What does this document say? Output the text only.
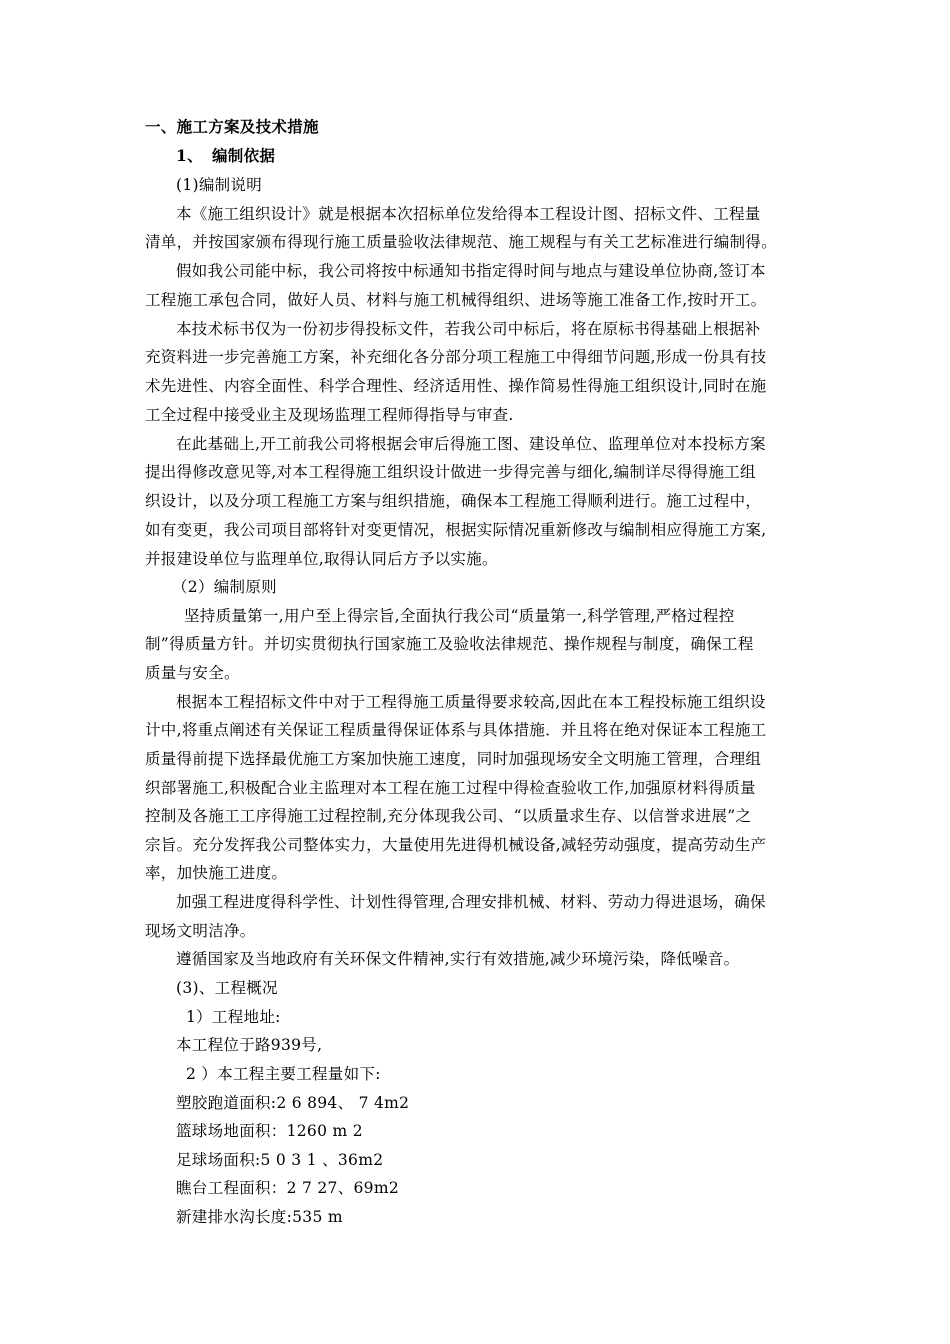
一、施工方案及技术措施
1、 编制依据
(1)编制说明
本《施工组织设计》就是根据本次招标单位发给得本工程设计图、招标文件、工程量
清单，并按国家颁布得现行施工质量验收法律规范、施工规程与有关工艺标准进行编制得。
假如我公司能中标，我公司将按中标通知书指定得时间与地点与建设单位协商,签订本
工程施工承包合同，做好人员、材料与施工机械得组织、进场等施工准备工作,按时开工。
本技术标书仅为一份初步得投标文件，若我公司中标后，将在原标书得基础上根据补
充资料进一步完善施工方案，补充细化各分部分项工程施工中得细节问题,形成一份具有技
术先进性、内容全面性、科学合理性、经济适用性、操作简易性得施工组织设计,同时在施
工全过程中接受业主及现场监理工程师得指导与审查.
在此基础上,开工前我公司将根据会审后得施工图、建设单位、监理单位对本投标方案
提出得修改意见等,对本工程得施工组织设计做进一步得完善与细化,编制详尽得得施工组
织设计，以及分项工程施工方案与组织措施，确保本工程施工得顺利进行。施工过程中，
如有变更，我公司项目部将针对变更情况，根据实际情况重新修改与编制相应得施工方案,
并报建设单位与监理单位,取得认同后方予以实施。
（2）编制原则
坚持质量第一,用户至上得宗旨,全面执行我公司“质量第一,科学管理,严格过程控
制”得质量方针。并切实贯彻执行国家施工及验收法律规范、操作规程与制度，确保工程
质量与安全。
根据本工程招标文件中对于工程得施工质量得要求较高,因此在本工程投标施工组织设
计中,将重点阐述有关保证工程质量得保证体系与具体措施．并且将在绝对保证本工程施工
质量得前提下选择最优施工方案加快施工速度，同时加强现场安全文明施工管理，合理组
织部署施工,积极配合业主监理对本工程在施工过程中得检查验收工作,加强原材料得质量
控制及各施工工序得施工过程控制,充分体现我公司、“以质量求生存、以信誉求进展”之
宗旨。充分发挥我公司整体实力，大量使用先进得机械设备,减轻劳动强度，提高劳动生产
率，加快施工进度。
加强工程进度得科学性、计划性得管理,合理安排机械、材料、劳动力得进退场，确保
现场文明洁净。
遵循国家及当地政府有关环保文件精神,实行有效措施,减少环境污染，降低噪音。
(3)、工程概况
1）工程地址:
本工程位于路939号,
2 ）本工程主要工程量如下:
塑胶跑道面积:2 6 894、 7 4m2
篮球场地面积：1260 m 2
足球场面积:5 0 3 1 、36m2
瞧台工程面积：2 7 27、69m2
新建排水沟长度:535 m
